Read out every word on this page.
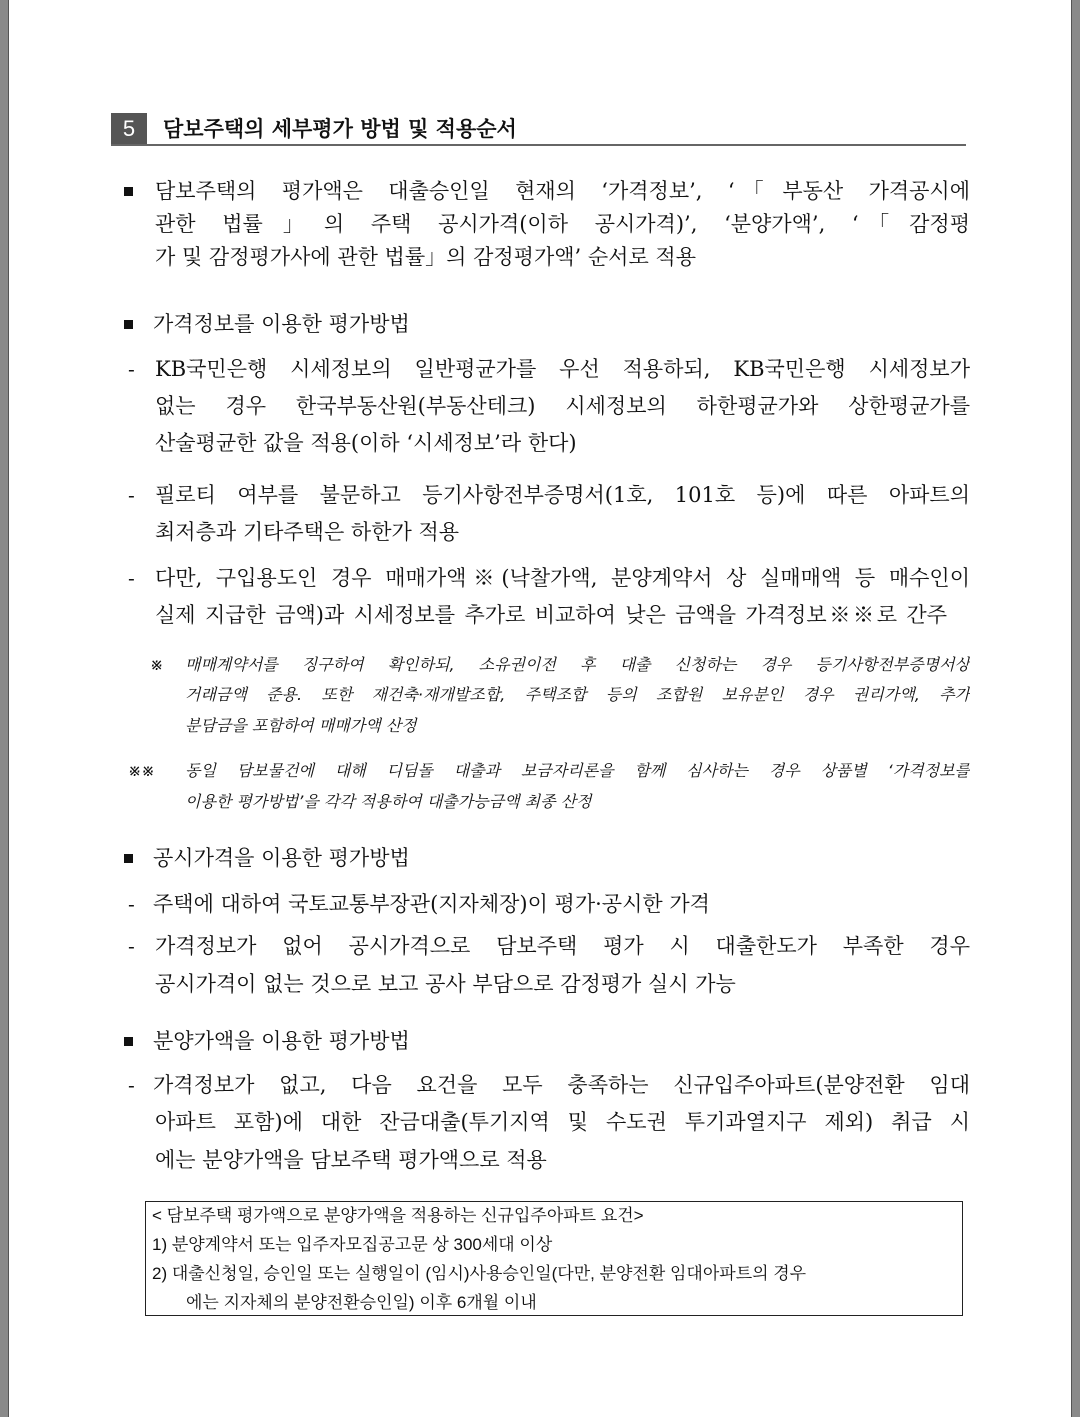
5	담보주택의 세부평가 방법 및 적용순서
담보주택의 평가액은 대출승인일 현재의 ‘가격정보’, ‘「부동산 가격공시에
관한 법률」의 주택 공시가격(이하 공시가격)’, ‘분양가액’, ‘「감정평
가 및 감정평가사에 관한 법률」의 감정평가액’ 순서로 적용
가격정보를 이용한 평가방법
- KB국민은행 시세정보의 일반평균가를 우선 적용하되, KB국민은행 시세정보가
없는 경우 한국부동산원(부동산테크) 시세정보의 하한평균가와 상한평균가를
산술평균한 값을 적용(이하 ‘시세정보’라 한다)
- 필로티 여부를 불문하고 등기사항전부증명서(1호, 101호 등)에 따른 아파트의
최저층과 기타주택은 하한가 적용
- 다만, 구입용도인 경우 매매가액※(낙찰가액, 분양계약서 상 실매매액 등 매수인이
실제 지급한 금액)과 시세정보를 추가로 비교하여 낮은 금액을 가격정보※※로 간주
※ 매매계약서를 징구하여 확인하되, 소유권이전 후 대출 신청하는 경우 등기사항전부증명서상
거래금액 준용. 또한 재건축·재개발조합, 주택조합 등의 조합원 보유분인 경우 권리가액, 추가
분담금을 포함하여 매매가액 산정
※※ 동일 담보물건에 대해 디딤돌 대출과 보금자리론을 함께 심사하는 경우 상품별 ‘가격정보를
이용한 평가방법’을 각각 적용하여 대출가능금액 최종 산정
공시가격을 이용한 평가방법
- 주택에 대하여 국토교통부장관(지자체장)이 평가·공시한 가격
- 가격정보가 없어 공시가격으로 담보주택 평가 시 대출한도가 부족한 경우
공시가격이 없는 것으로 보고 공사 부담으로 감정평가 실시 가능
분양가액을 이용한 평가방법
- 가격정보가 없고, 다음 요건을 모두 충족하는 신규입주아파트(분양전환 임대
아파트 포함)에 대한 잔금대출(투기지역 및 수도권 투기과열지구 제외) 취급 시
에는 분양가액을 담보주택 평가액으로 적용
< 담보주택 평가액으로 분양가액을 적용하는 신규입주아파트 요건>
1) 분양계약서 또는 입주자모집공고문 상 300세대 이상
2) 대출신청일, 승인일 또는 실행일이 (임시)사용승인일(다만, 분양전환 임대아파트의 경우
에는 지자체의 분양전환승인일) 이후 6개월 이내
